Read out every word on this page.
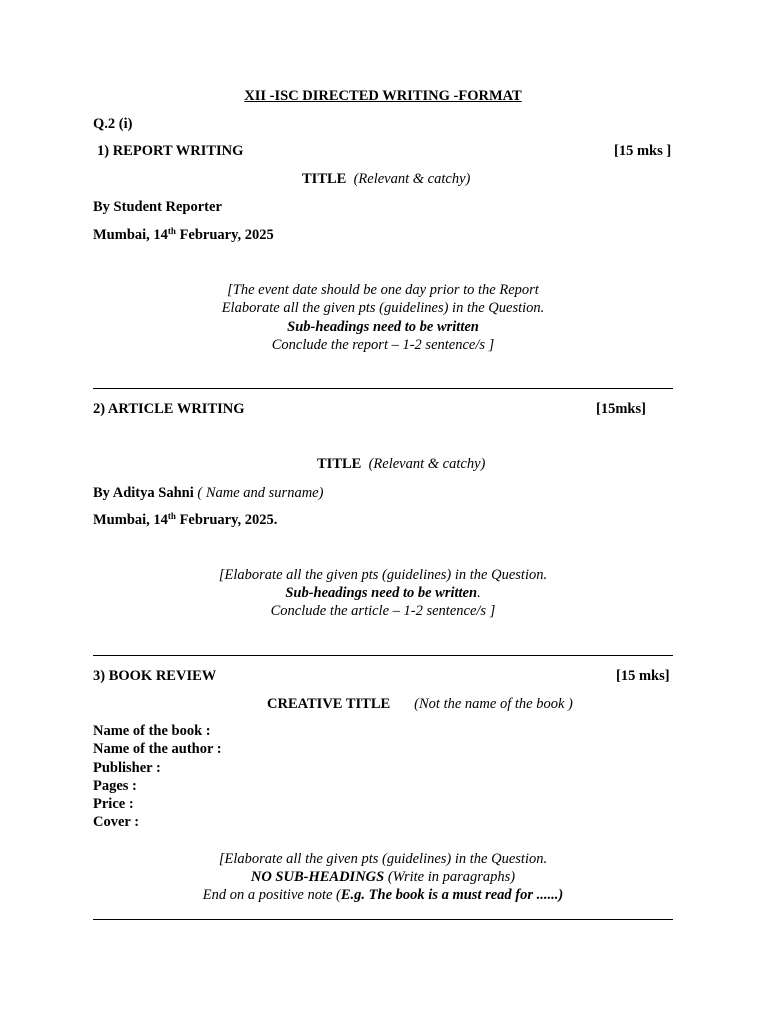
XII -ISC DIRECTED WRITING -FORMAT
Q.2 (i)
1) REPORT WRITING	[15 mks ]
TITLE (Relevant & catchy)
By Student Reporter
Mumbai, 14th February, 2025
[The event date should be one day prior to the Report
Elaborate all the given pts (guidelines) in the Question.
Sub-headings need to be written
Conclude the report – 1-2 sentence/s ]
2) ARTICLE WRITING	[15mks]
TITLE (Relevant & catchy)
By Aditya Sahni ( Name and surname)
Mumbai, 14th February, 2025.
[Elaborate all the given pts (guidelines) in the Question.
Sub-headings need to be written.
Conclude the article – 1-2 sentence/s ]
3) BOOK REVIEW	[15 mks]
CREATIVE TITLE (Not the name of the book )
Name of the book :
Name of the author :
Publisher :
Pages :
Price :
Cover :
[Elaborate all the given pts (guidelines) in the Question.
NO SUB-HEADINGS (Write in paragraphs)
End on a positive note (E.g. The book is a must read for ......)
